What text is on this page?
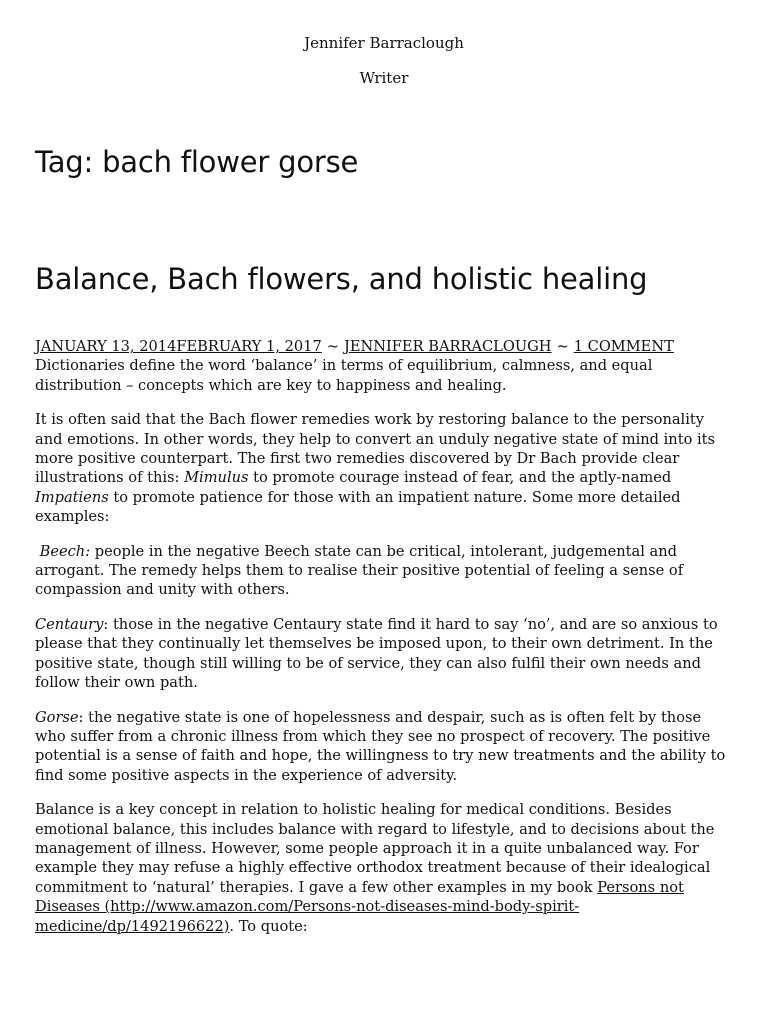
Jennifer Barraclough

Writer

Tag: bach flower gorse
Balance, Bach flowers, and holistic healing
JANUARY 13, 2014FEBRUARY 1, 2017 ~ JENNIFER BARRACLOUGH ~ 1 COMMENT

Dictionaries define the word ‘balance’ in terms of equilibrium, calmness, and equal distribution – concepts which are key to happiness and healing.

It is often said that the Bach flower remedies work by restoring balance to the personality and emotions. In other words, they help to convert an unduly negative state of mind into its more positive counterpart. The first two remedies discovered by Dr Bach provide clear illustrations of this: Mimulus to promote courage instead of fear, and the aptly-named Impatiens to promote patience for those with an impatient nature. Some more detailed examples:

Beech: people in the negative Beech state can be critical, intolerant, judgemental and arrogant. The remedy helps them to realise their positive potential of feeling a sense of compassion and unity with others.

Centaury: those in the negative Centaury state find it hard to say ‘no’, and are so anxious to please that they continually let themselves be imposed upon, to their own detriment. In the positive state, though still willing to be of service, they can also fulfil their own needs and follow their own path.

Gorse: the negative state is one of hopelessness and despair, such as is often felt by those who suffer from a chronic illness from which they see no prospect of recovery. The positive potential is a sense of faith and hope, the willingness to try new treatments and the ability to find some positive aspects in the experience of adversity.

Balance is a key concept in relation to holistic healing for medical conditions. Besides emotional balance, this includes balance with regard to lifestyle, and to decisions about the management of illness. However, some people approach it in a quite unbalanced way. For example they may refuse a highly effective orthodox treatment because of their idealogical commitment to ‘natural’ therapies. I gave a few other examples in my book Persons not Diseases (http://www.amazon.com/Persons-not-diseases-mind-body-spirit-medicine/dp/1492196622). To quote:
